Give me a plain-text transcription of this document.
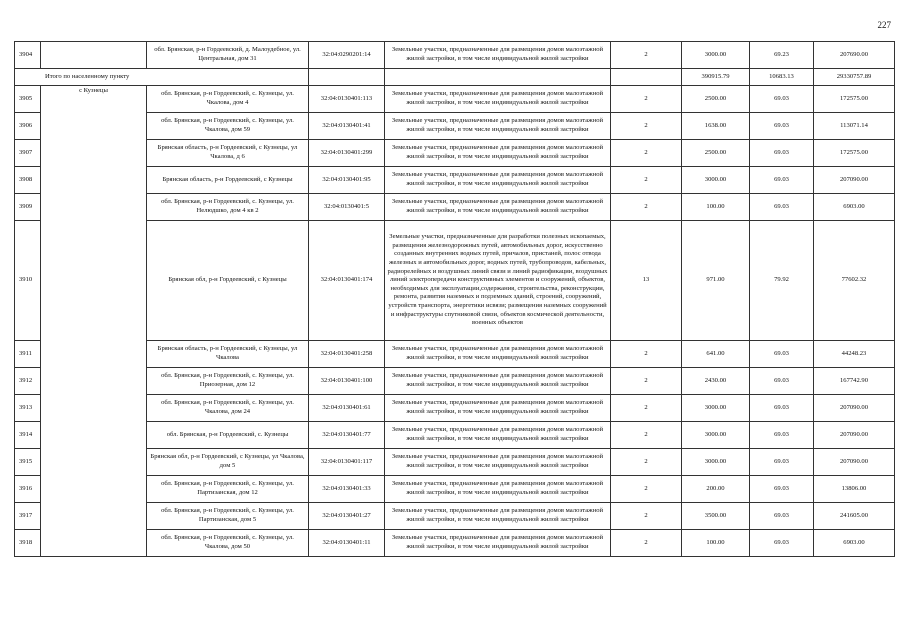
227
3904		обл. Брянская, р-н Гордеевский, д. Малоудебное, ул. Центральная, дом 31	32:04:0290201:14	Земельные участки, предназначенные для размещения домов малоэтажной жилой застройки, в том числе индивидуальной жилой застройки	2	3000.00	69.23	207690.00
Итого по населенному пункту						390915.79	10683.13	29330757.89
3905	с Кузнецы	обл. Брянская, р-н Гордеевский, с. Кузнецы, ул. Чкалова, дом 4	32:04:0130401:113	Земельные участки, предназначенные для размещения домов малоэтажной жилой застройки, в том числе индивидуальной жилой застройки	2	2500.00	69.03	172575.00
3906		обл. Брянская, р-н Гордеевский, с. Кузнецы, ул. Чкалова, дом 59	32:04:0130401:41	Земельные участки, предназначенные для размещения домов малоэтажной жилой застройки, в том числе индивидуальной жилой застройки	2	1638.00	69.03	113071.14
3907		Брянская область, р-н Гордеевский, с Кузнецы, ул Чкалова, д 6	32:04:0130401:299	Земельные участки, предназначенные для размещения домов малоэтажной жилой застройки, в том числе индивидуальной жилой застройки	2	2500.00	69.03	172575.00
3908		Брянская область, р-н Гордеевский, с Кузнецы	32:04:0130401:95	Земельные участки, предназначенные для размещения домов малоэтажной жилой застройки, в том числе индивидуальной жилой застройки	2	3000.00	69.03	207090.00
3909		обл. Брянская, р-н Гордеевский, с. Кузнецы, ул. Нелюдшко, дом 4 кв 2	32:04:0130401:5	Земельные участки, предназначенные для размещения домов малоэтажной жилой застройки, в том числе индивидуальной жилой застройки	2	100.00	69.03	6903.00
3910		Брянская обл, р-н Гордеевский, с Кузнецы	32:04:0130401:174	Земельные участки, предназначенные для разработки полезных ископаемых, размещения железнодорожных путей, автомобильных дорог, искусственно созданных внутренних водных путей, причалов, пристаней, полос отвода железных и автомобильных дорог, водных путей, трубопроводов, кабельных, радиорелейных и воздушных линий связи и линий радиофикации, воздушных линий электропередачи конструктивных элементов и сооружений, объектов, необходимых для эксплуатации,содержания, строительства, реконструкции, ремонта, развития наземных и подземных зданий, строений, сооружений, устройств транспорта, энергетики исвязи; размещения наземных сооружений и инфраструктуры спутниковой связи, объектов космической деятельности, военных объектов	13	971.00	79.92	77602.32
3911		Брянская область, р-н Гордеевский, с Кузнецы, ул Чкалова	32:04:0130401:258	Земельные участки, предназначенные для размещения домов малоэтажной жилой застройки, в том числе индивидуальной жилой застройки	2	641.00	69.03	44248.23
3912		обл. Брянская, р-н Гордеевский, с. Кузнецы, ул. Приозерная, дом 12	32:04:0130401:100	Земельные участки, предназначенные для размещения домов малоэтажной жилой застройки, в том числе индивидуальной жилой застройки	2	2430.00	69.03	167742.90
3913		обл. Брянская, р-н Гордеевский, с. Кузнецы, ул. Чкалова, дом 24	32:04:0130401:61	Земельные участки, предназначенные для размещения домов малоэтажной жилой застройки, в том числе индивидуальной жилой застройки	2	3000.00	69.03	207090.00
3914		обл. Брянская, р-н Гордеевский, с. Кузнецы	32:04:0130401:77	Земельные участки, предназначенные для размещения домов малоэтажной жилой застройки, в том числе индивидуальной жилой застройки	2	3000.00	69.03	207090.00
3915		Брянская обл, р-н Гордеевский, с Кузнецы, ул Чкалова, дом 5	32:04:0130401:117	Земельные участки, предназначенные для размещения домов малоэтажной жилой застройки, в том числе индивидуальной жилой застройки	2	3000.00	69.03	207090.00
3916		обл. Брянская, р-н Гордеевский, с. Кузнецы, ул. Партизанская, дом 12	32:04:0130401:33	Земельные участки, предназначенные для размещения домов малоэтажной жилой застройки, в том числе индивидуальной жилой застройки	2	200.00	69.03	13806.00
3917		обл. Брянская, р-н Гордеевский, с. Кузнецы, ул. Партизанская, дом 5	32:04:0130401:27	Земельные участки, предназначенные для размещения домов малоэтажной жилой застройки, в том числе индивидуальной жилой застройки	2	3500.00	69.03	241605.00
3918		обл. Брянская, р-н Гордеевский, с. Кузнецы, ул. Чкалова, дом 50	32:04:0130401:11	Земельные участки, предназначенные для размещения домов малоэтажной жилой застройки, в том числе индивидуальной жилой застройки	2	100.00	69.03	6903.00
